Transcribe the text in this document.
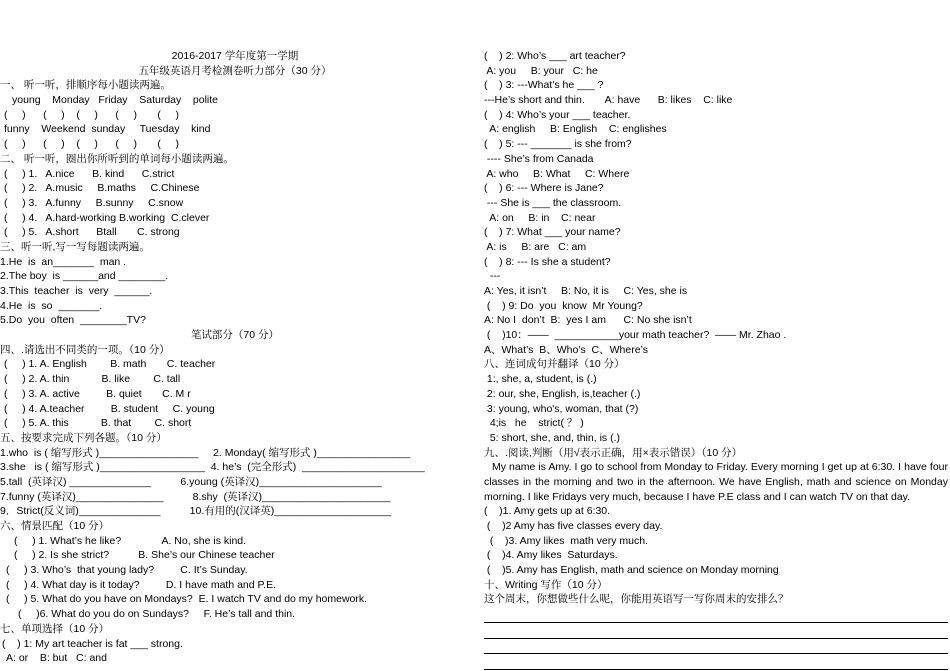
2016-2017 学年度第一学期
五年级英语月考检测卷听力部分（30 分）
一、 听一听，排顺序每小题读两遍。
young    Monday   Friday    Saturday    polite
(     )      (     )    (     )      (     )       (     )
funny    Weekend  sunday     Tuesday    kind
(     )      (     )    (     )      (     )       (     )
二、 听一听，圈出你所听到的单词每小题读两遍。
(     ) 1.   A.nice      B. kind      C.strict
(     ) 2.   A.music     B.maths     C.Chinese
(     ) 3.   A.funny     B.sunny     C.snow
(     ) 4.   A.hard-working B.working  C.clever
(     ) 5.   A.short      Btall       C. strong
三、听一听,写一写每题读两遍。
1.He  is  an_______  man .
2.The boy  is ______and ________.
3.This  teacher  is  very  ______.
4.He  is  so  _______.
5.Do  you  often  ________TV?
笔试部分（70 分）
四、.请选出不同类的一项。（10 分）
(     ) 1. A. English        B. math       C. teacher
(     ) 2. A. thin           B. like        C. tall
(     ) 3. A. active         B. quiet       C. M r
(     ) 4. A.teacher         B. student     C. young
(     ) 5. A. this           B. that        C. short
五、按要求完成下列各题。（10 分）
1.who  is ( 缩写形式 )_________________     2. Monday( 缩写形式 )________________
3.she   is ( 缩写形式 )__________________  4. he’s  (完全形式)  _____________________
5.tall  (英译汉) ______________          6.young (英译汉)_____________________
7.funny (英译汉)_______________          8.shy  (英译汉)______________________
9．Strict(反义词)______________          10.有用的(汉译英)____________________
六、情景匹配（10 分）
(     ) 1. What’s he like?              A. No, she is kind.
(     ) 2. Is she strict?          B. She’s our Chinese teacher
(     ) 3. Who’s  that young lady?         C. It’s Sunday.
(     ) 4. What day is it today?         D. I have math and P.E.
(     ) 5. What do you have on Mondays?  E. I watch TV and do my homework.
(     )6. What do you do on Sundays?     F. He’s tall and thin.
七、单项选择（10 分）
(    ) 1: My art teacher is fat ___ strong.
A: or    B: but   C: and
(    ) 2: Who’s ___ art teacher?
A: you     B: your   C: he
(    ) 3: ---What’s he ___ ?
---He’s short and thin.       A: have      B: likes    C: like
(    ) 4: Who’s your ___ teacher.
A: english     B: English    C: englishes
(    ) 5: --- _______ is she from?
---- She’s from Canada
A: who     B: What     C: Where
(    ) 6: --- Where is Jane?
--- She is ___ the classroom.
A: on     B: in    C: near
(    ) 7: What ___ your name?
A: is     B: are   C: am
(    ) 8: --- Is she a student?
---
A: Yes, it isn’t     B: No, it is     C: Yes, she is
(    ) 9: Do  you  know  Mr Young?
A: No I  don’t  B:  yes I am      C: No she isn’t
(    )10：——  ___________your math teacher?  —— Mr. Zhao .
A、What’s  B、Who’s  C、Where’s
八、连词成句并翻译（10 分）
1:, she, a, student, is (.)
2: our, she, English, is,teacher (.)
3: young, who's, woman, that (?)
4;is   he    strict( ？ )
5: short, she, and, thin, is (.)
九、.阅读,判断（用√表示正确，用×表示错误）（10 分）
My name is Amy. I go to school from Monday to Friday. Every morning I get up at 6:30. I have four classes in the morning and two in the afternoon. We have English, math and science on Monday morning. I like Fridays very much, because I have P.E class and I can watch TV on that day.
(    )1. Amy gets up at 6:30.
(    )2 Amy has five classes every day.
(    )3. Amy likes  math very much.
(    )4. Amy likes  Saturdays.
(    )5. Amy has English, math and science on Monday morning
十、Writing 写作（10 分）
这个周末，你想做些什么呢，你能用英语写一写你周末的安排么？
